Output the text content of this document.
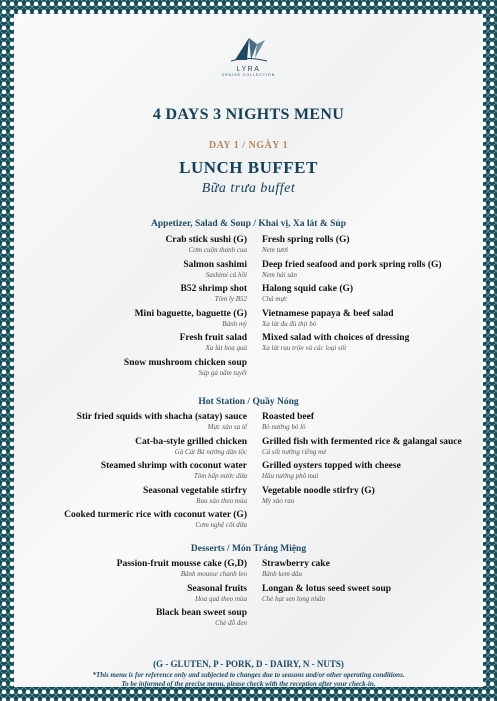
LYRA
CRUISE COLLECTION
4 DAYS 3 NIGHTS MENU
DAY 1 / NGÀY 1
LUNCH BUFFET
Bữa trưa buffet
Appetizer, Salad & Soup / Khai vị, Xa lát & Súp
Crab stick sushi (G)
Cơm cuộn thanh cua
Salmon sashimi
Sashimi cá hồi
B52 shrimp shot
Tôm ly B52
Mini baguette, baguette (G)
Bánh mỳ
Fresh fruit salad
Xa lát hoa quả
Snow mushroom chicken soup
Súp gà nấm tuyết
Fresh spring rolls (G)
Nem tươi
Deep fried seafood and pork spring rolls (G)
Nem hải sản
Halong squid cake (G)
Chả mực
Vietnamese papaya & beef salad
Xa lát đu đủ thịt bò
Mixed salad with choices of dressing
Xa lát rau trộn và các loại sốt
Hot Station / Quầy Nóng
Stir fried squids with shacha (satay) sauce
Mực xào sa tế
Cat-ba-style grilled chicken
Gà Cát Bà nướng dân tộc
Steamed shrimp with coconut water
Tôm hấp nước dừa
Seasonal vegetable stirfry
Rau xào theo mùa
Cooked turmeric rice with coconut water (G)
Cơm nghệ cốt dừa
Roasted beef
Bò nướng bỏ lò
Grilled fish with fermented rice & galangal sauce
Cá sốt nướng riềng mẻ
Grilled oysters topped with cheese
Hàu nướng phô mai
Vegetable noodle stirfry (G)
Mỳ xào rau
Desserts / Món Tráng Miệng
Passion-fruit mousse cake (G,D)
Bánh mousse chanh leo
Seasonal fruits
Hoa quả theo mùa
Black bean sweet soup
Chè đỗ đen
Strawberry cake
Bánh kem dâu
Longan & lotus seed sweet soup
Chè hạt sen long nhãn
(G - GLUTEN, P - PORK, D - DAIRY, N - NUTS)
*This menu is for reference only and subjected to changes due to seasons and/or other operating conditions.
To be informed of the precise menu, please check with the reception after your check-in.
